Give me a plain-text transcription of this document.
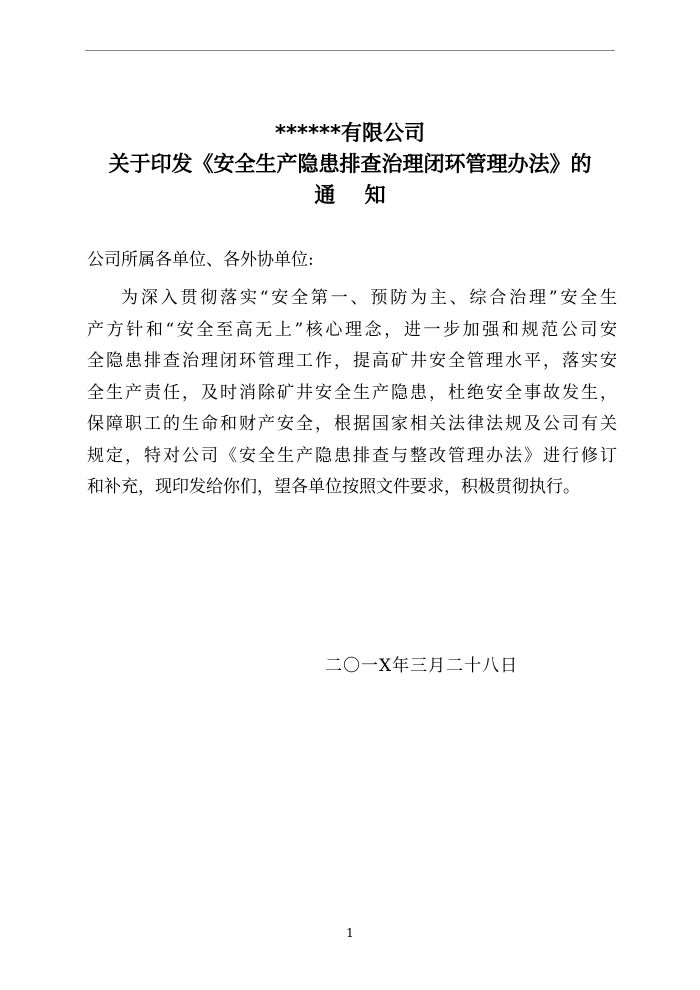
******有限公司
关于印发《安全生产隐患排查治理闭环管理办法》的
通    知
公司所属各单位、各外协单位:
为深入贯彻落实“安全第一、预防为主、综合治理”安全生
产方针和“安全至高无上”核心理念，进一步加强和规范公司安
全隐患排查治理闭环管理工作，提高矿井安全管理水平，落实安
全生产责任，及时消除矿井安全生产隐患，杜绝安全事故发生，
保障职工的生命和财产安全，根据国家相关法律法规及公司有关
规定，特对公司《安全生产隐患排查与整改管理办法》进行修订
和补充，现印发给你们，望各单位按照文件要求，积极贯彻执行。
二〇一Ⅹ年三月二十八日
1
